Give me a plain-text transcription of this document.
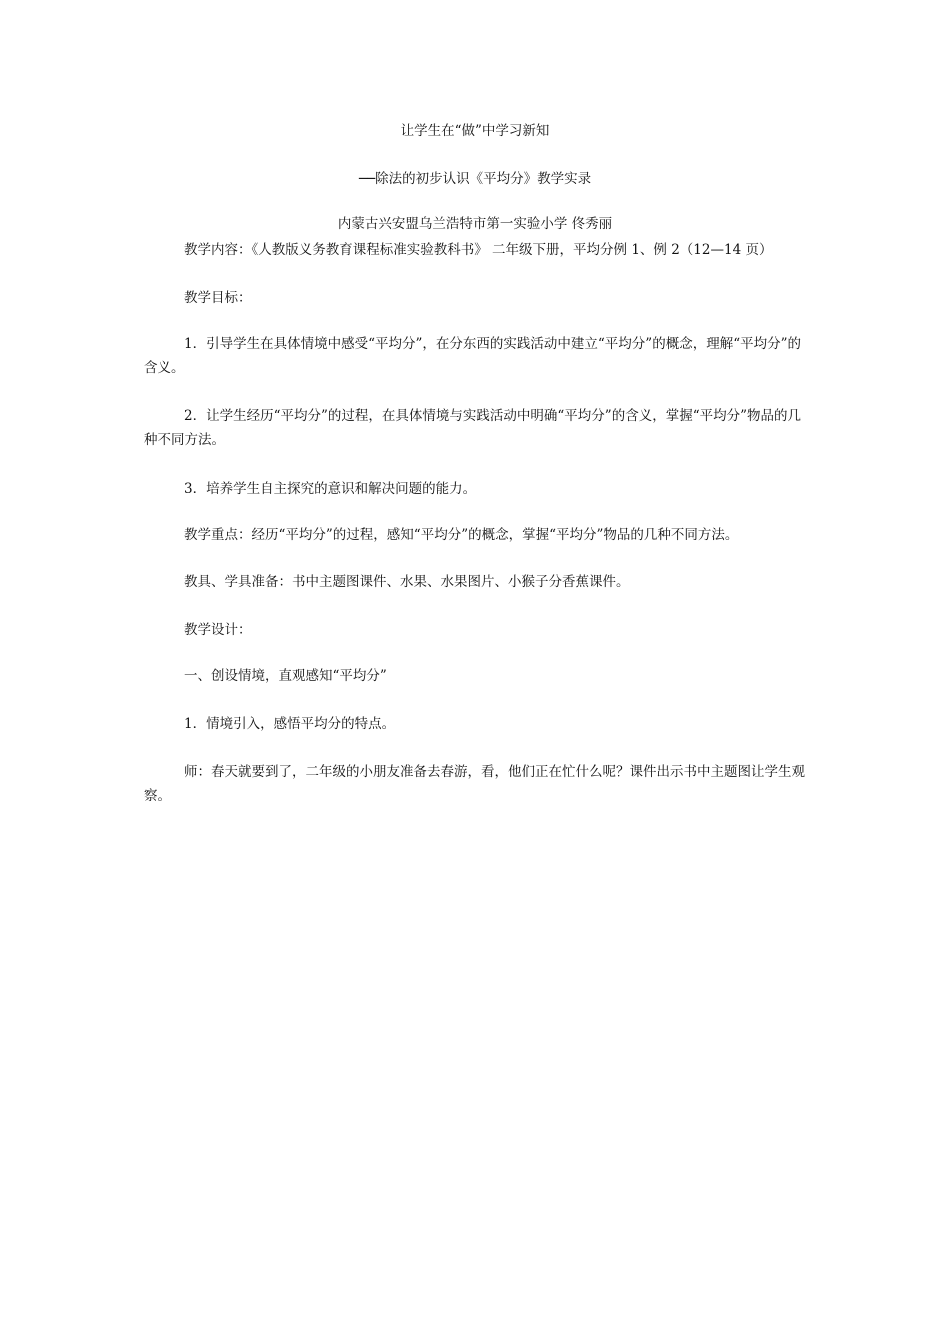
让学生在“做”中学习新知
──除法的初步认识《平均分》教学实录
内蒙古兴安盟乌兰浩特市第一实验小学 佟秀丽
教学内容：《人教版义务教育课程标准实验教科书》 二年级下册，平均分例 1、例 2（12—14 页）
教学目标：
1．引导学生在具体情境中感受“平均分”，在分东西的实践活动中建立“平均分”的概念，理解“平均分”的含义。
2．让学生经历“平均分”的过程，在具体情境与实践活动中明确“平均分”的含义，掌握“平均分”物品的几种不同方法。
3．培养学生自主探究的意识和解决问题的能力。
教学重点：经历“平均分”的过程，感知“平均分”的概念，掌握“平均分”物品的几种不同方法。
教具、学具准备：书中主题图课件、水果、水果图片、小猴子分香蕉课件。
教学设计：
一、创设情境，直观感知“平均分”
1．情境引入，感悟平均分的特点。
师：春天就要到了，二年级的小朋友准备去春游，看，他们正在忙什么呢？课件出示书中主题图让学生观察。
